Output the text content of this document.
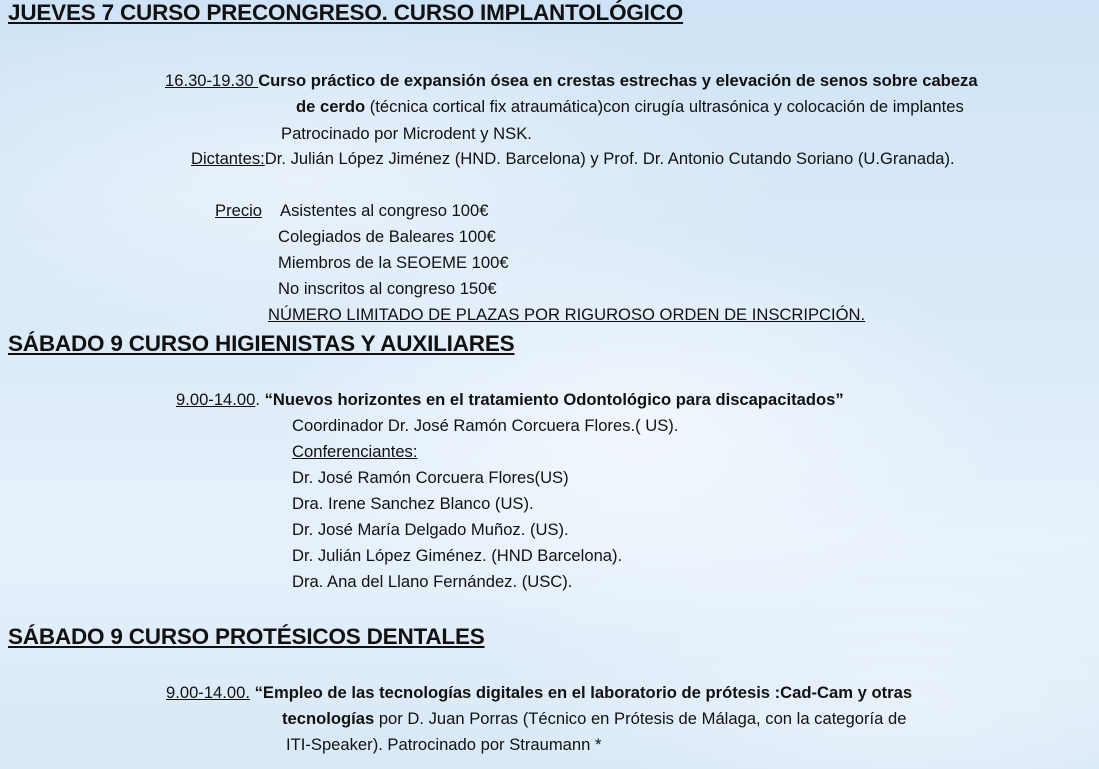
JUEVES 7 CURSO PRECONGRESO. CURSO IMPLANTOLÓGICO
16.30-19.30 Curso práctico de expansión ósea en crestas estrechas y elevación de senos sobre cabeza
de cerdo (técnica cortical fix atraumática)con cirugía ultrasónica y colocación de implantes
Patrocinado por Microdent y NSK.
Dictantes:Dr. Julián López Jiménez (HND. Barcelona) y Prof. Dr. Antonio Cutando Soriano (U.Granada).
Precio Asistentes al congreso 100€
Colegiados de Baleares 100€
Miembros de la SEOEME 100€
No inscritos al congreso 150€
NÚMERO LIMITADO DE PLAZAS POR RIGUROSO ORDEN DE INSCRIPCIÓN.
SÁBADO 9 CURSO HIGIENISTAS Y AUXILIARES
9.00-14.00. “Nuevos horizontes en el tratamiento Odontológico para discapacitados”
Coordinador Dr. José Ramón Corcuera Flores.( US).
Conferenciantes:
Dr. José Ramón Corcuera Flores(US)
Dra. Irene Sanchez Blanco (US).
Dr. José María Delgado Muñoz. (US).
Dr. Julián López Giménez. (HND Barcelona).
Dra. Ana del Llano Fernández. (USC).
SÁBADO 9 CURSO PROTÉSICOS DENTALES
9.00-14.00. “Empleo de las tecnologías digitales en el laboratorio de prótesis :Cad-Cam y otras
tecnologías por D. Juan Porras (Técnico en Prótesis de Málaga, con la categoría de
ITI-Speaker). Patrocinado por Straumann *
